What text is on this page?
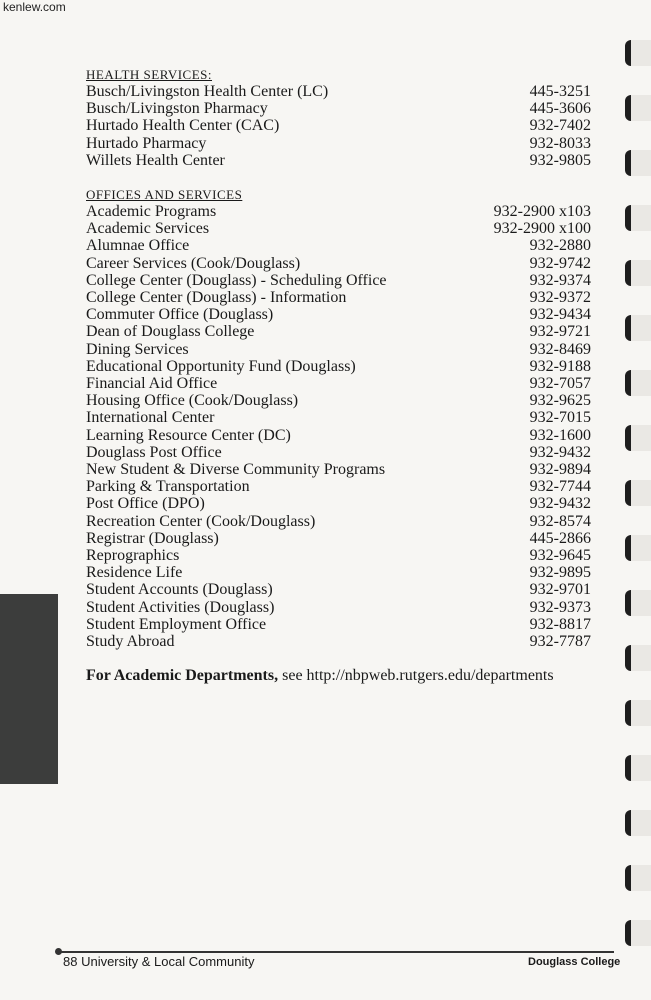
kenlew.com
HEALTH SERVICES:
Busch/Livingston Health Center (LC)	445-3251
Busch/Livingston Pharmacy	445-3606
Hurtado Health Center (CAC)	932-7402
Hurtado Pharmacy	932-8033
Willets Health Center	932-9805
OFFICES AND SERVICES
Academic Programs	932-2900 x103
Academic Services	932-2900 x100
Alumnae Office	932-2880
Career Services (Cook/Douglass)	932-9742
College Center (Douglass) - Scheduling Office	932-9374
College Center (Douglass) - Information	932-9372
Commuter Office (Douglass)	932-9434
Dean of Douglass College	932-9721
Dining Services	932-8469
Educational Opportunity Fund (Douglass)	932-9188
Financial Aid Office	932-7057
Housing Office (Cook/Douglass)	932-9625
International Center	932-7015
Learning Resource Center (DC)	932-1600
Douglass Post Office	932-9432
New Student & Diverse Community Programs	932-9894
Parking & Transportation	932-7744
Post Office (DPO)	932-9432
Recreation Center (Cook/Douglass)	932-8574
Registrar (Douglass)	445-2866
Reprographics	932-9645
Residence Life	932-9895
Student Accounts (Douglass)	932-9701
Student Activities (Douglass)	932-9373
Student Employment Office	932-8817
Study Abroad	932-7787
For Academic Departments, see http://nbpweb.rutgers.edu/departments
88 University & Local Community	Douglass College
